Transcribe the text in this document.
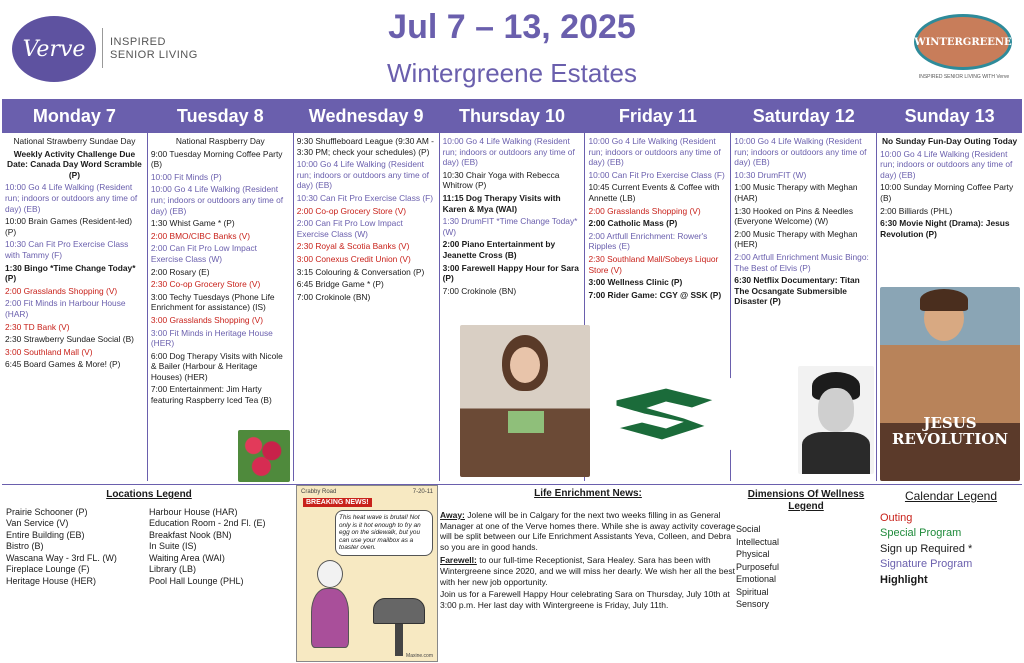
Verve	INSPIRED
SENIOR LIVING
Jul 7 – 13, 2025
Wintergreene Estates
WINTERGREENE
INSPIRED SENIOR LIVING WITH Verve
Monday 7
National Strawberry Sundae Day
Weekly Activity Challenge Due Date: Canada Day Word Scramble (P)
10:00 Go 4 Life Walking (Resident run; indoors or outdoors any time of day) (EB)
10:00 Brain Games (Resident-led) (P)
10:30 Can Fit Pro Exercise Class with Tammy (F)
1:30 Bingo *Time Change Today* (P)
2:00 Grasslands Shopping (V)
2:00 Fit Minds in Harbour House (HAR)
2:30 TD Bank (V)
2:30 Strawberry Sundae Social (B)
3:00 Southland Mall (V)
6:45 Board Games & More! (P)
Tuesday 8
National Raspberry Day
9:00 Tuesday Morning Coffee Party (B)
10:00 Fit Minds (P)
10:00 Go 4 Life Walking (Resident run; indoors or outdoors any time of day) (EB)
1:30 Whist Game * (P)
2:00 BMO/CIBC Banks (V)
2:00 Can Fit Pro Low Impact Exercise Class (W)
2:00 Rosary (E)
2:30 Co-op Grocery Store (V)
3:00 Techy Tuesdays (Phone Life Enrichment for assistance) (IS)
3:00 Grasslands Shopping (V)
3:00 Fit Minds in Heritage House (HER)
6:00 Dog Therapy Visits with Nicole & Bailer (Harbour & Heritage Houses) (HER)
7:00 Entertainment: Jim Harty featuring Raspberry Iced Tea (B)
Wednesday 9
9:30 Shuffleboard League (9:30 AM - 3:30 PM; check your schedules) (P)
10:00 Go 4 Life Walking (Resident run; indoors or outdoors any time of day) (EB)
10:30 Can Fit Pro Exercise Class (F)
2:00 Co-op Grocery Store (V)
2:00 Can Fit Pro Low Impact Exercise Class (W)
2:30 Royal & Scotia Banks (V)
3:00 Conexus Credit Union (V)
3:15 Colouring & Conversation (P)
6:45 Bridge Game * (P)
7:00 Crokinole (BN)
Thursday 10
10:00 Go 4 Life Walking (Resident run; indoors or outdoors any time of day) (EB)
10:30 Chair Yoga with Rebecca Whitrow (P)
11:15 Dog Therapy Visits with Karen & Mya (WAI)
1:30 DrumFIT *Time Change Today* (W)
2:00 Piano Entertainment by Jeanette Cross (B)
3:00 Farewell Happy Hour for Sara (P)
7:00 Crokinole (BN)
Friday 11
10:00 Go 4 Life Walking (Resident run; indoors or outdoors any time of day) (EB)
10:00 Can Fit Pro Exercise Class (F)
10:45 Current Events & Coffee with Annette (LB)
2:00 Grasslands Shopping (V)
2:00 Catholic Mass (P)
2:00 Artfull Enrichment: Rower's Ripples (E)
2:30 Southland Mall/Sobeys Liquor Store (V)
3:00 Wellness Clinic (P)
7:00 Rider Game: CGY @ SSK (P)
Saturday 12
10:00 Go 4 Life Walking (Resident run; indoors or outdoors any time of day) (EB)
10:30 DrumFIT (W)
1:00 Music Therapy with Meghan (HAR)
1:30 Hooked on Pins & Needles (Everyone Welcome) (W)
2:00 Music Therapy with Meghan (HER)
2:00 Artfull Enrichment Music Bingo: The Best of Elvis (P)
6:30 Netflix Documentary: Titan The Ocsangate Submersible Disaster (P)
Sunday 13
No Sunday Fun-Day Outing Today
10:00 Go 4 Life Walking (Resident run; indoors or outdoors any time of day) (EB)
10:00 Sunday Morning Coffee Party (B)
2:00 Billiards (PHL)
6:30 Movie Night (Drama): Jesus Revolution (P)
JESUS REVOLUTION
Locations Legend
Prairie Schooner (P)
Van Service (V)
Entire Building (EB)
Bistro (B)
Wascana Way - 3rd FL. (W)
Fireplace Lounge (F)
Heritage House (HER)
Harbour House (HAR)
Education Room - 2nd Fl. (E)
Breakfast Nook (BN)
In Suite (IS)
Waiting Area (WAI)
Library (LB)
Pool Hall Lounge (PHL)
Crabby Road	7-20-11
BREAKING NEWS!
This heat wave is brutal! Not only is it hot enough to fry an egg on the sidewalk, but you can use your mailbox as a toaster oven.
Maxine.com
Life Enrichment News:

Away: Jolene will be in Calgary for the next two weeks filling in as General Manager at one of the Verve homes there. While she is away activity coverage will be split between our Life Enrichment Assistants Yeva, Colleen, and Debra so you are in good hands.

Farewell: to our full-time Receptionist, Sara Healey. Sara has been with Wintergreene since 2020, and we will miss her dearly. We wish her all the best with her new job opportunity.

Join us for a Farewell Happy Hour celebrating Sara on Thursday, July 10th at 3:00 p.m. Her last day with Wintergreene is Friday, July 11th.

Dimensions Of Wellness Legend
Social
Intellectual
Physical
Purposeful
Emotional
Spiritual
Sensory
Calendar Legend
Outing
Special Program
Sign up Required *
Signature Program
Highlight
